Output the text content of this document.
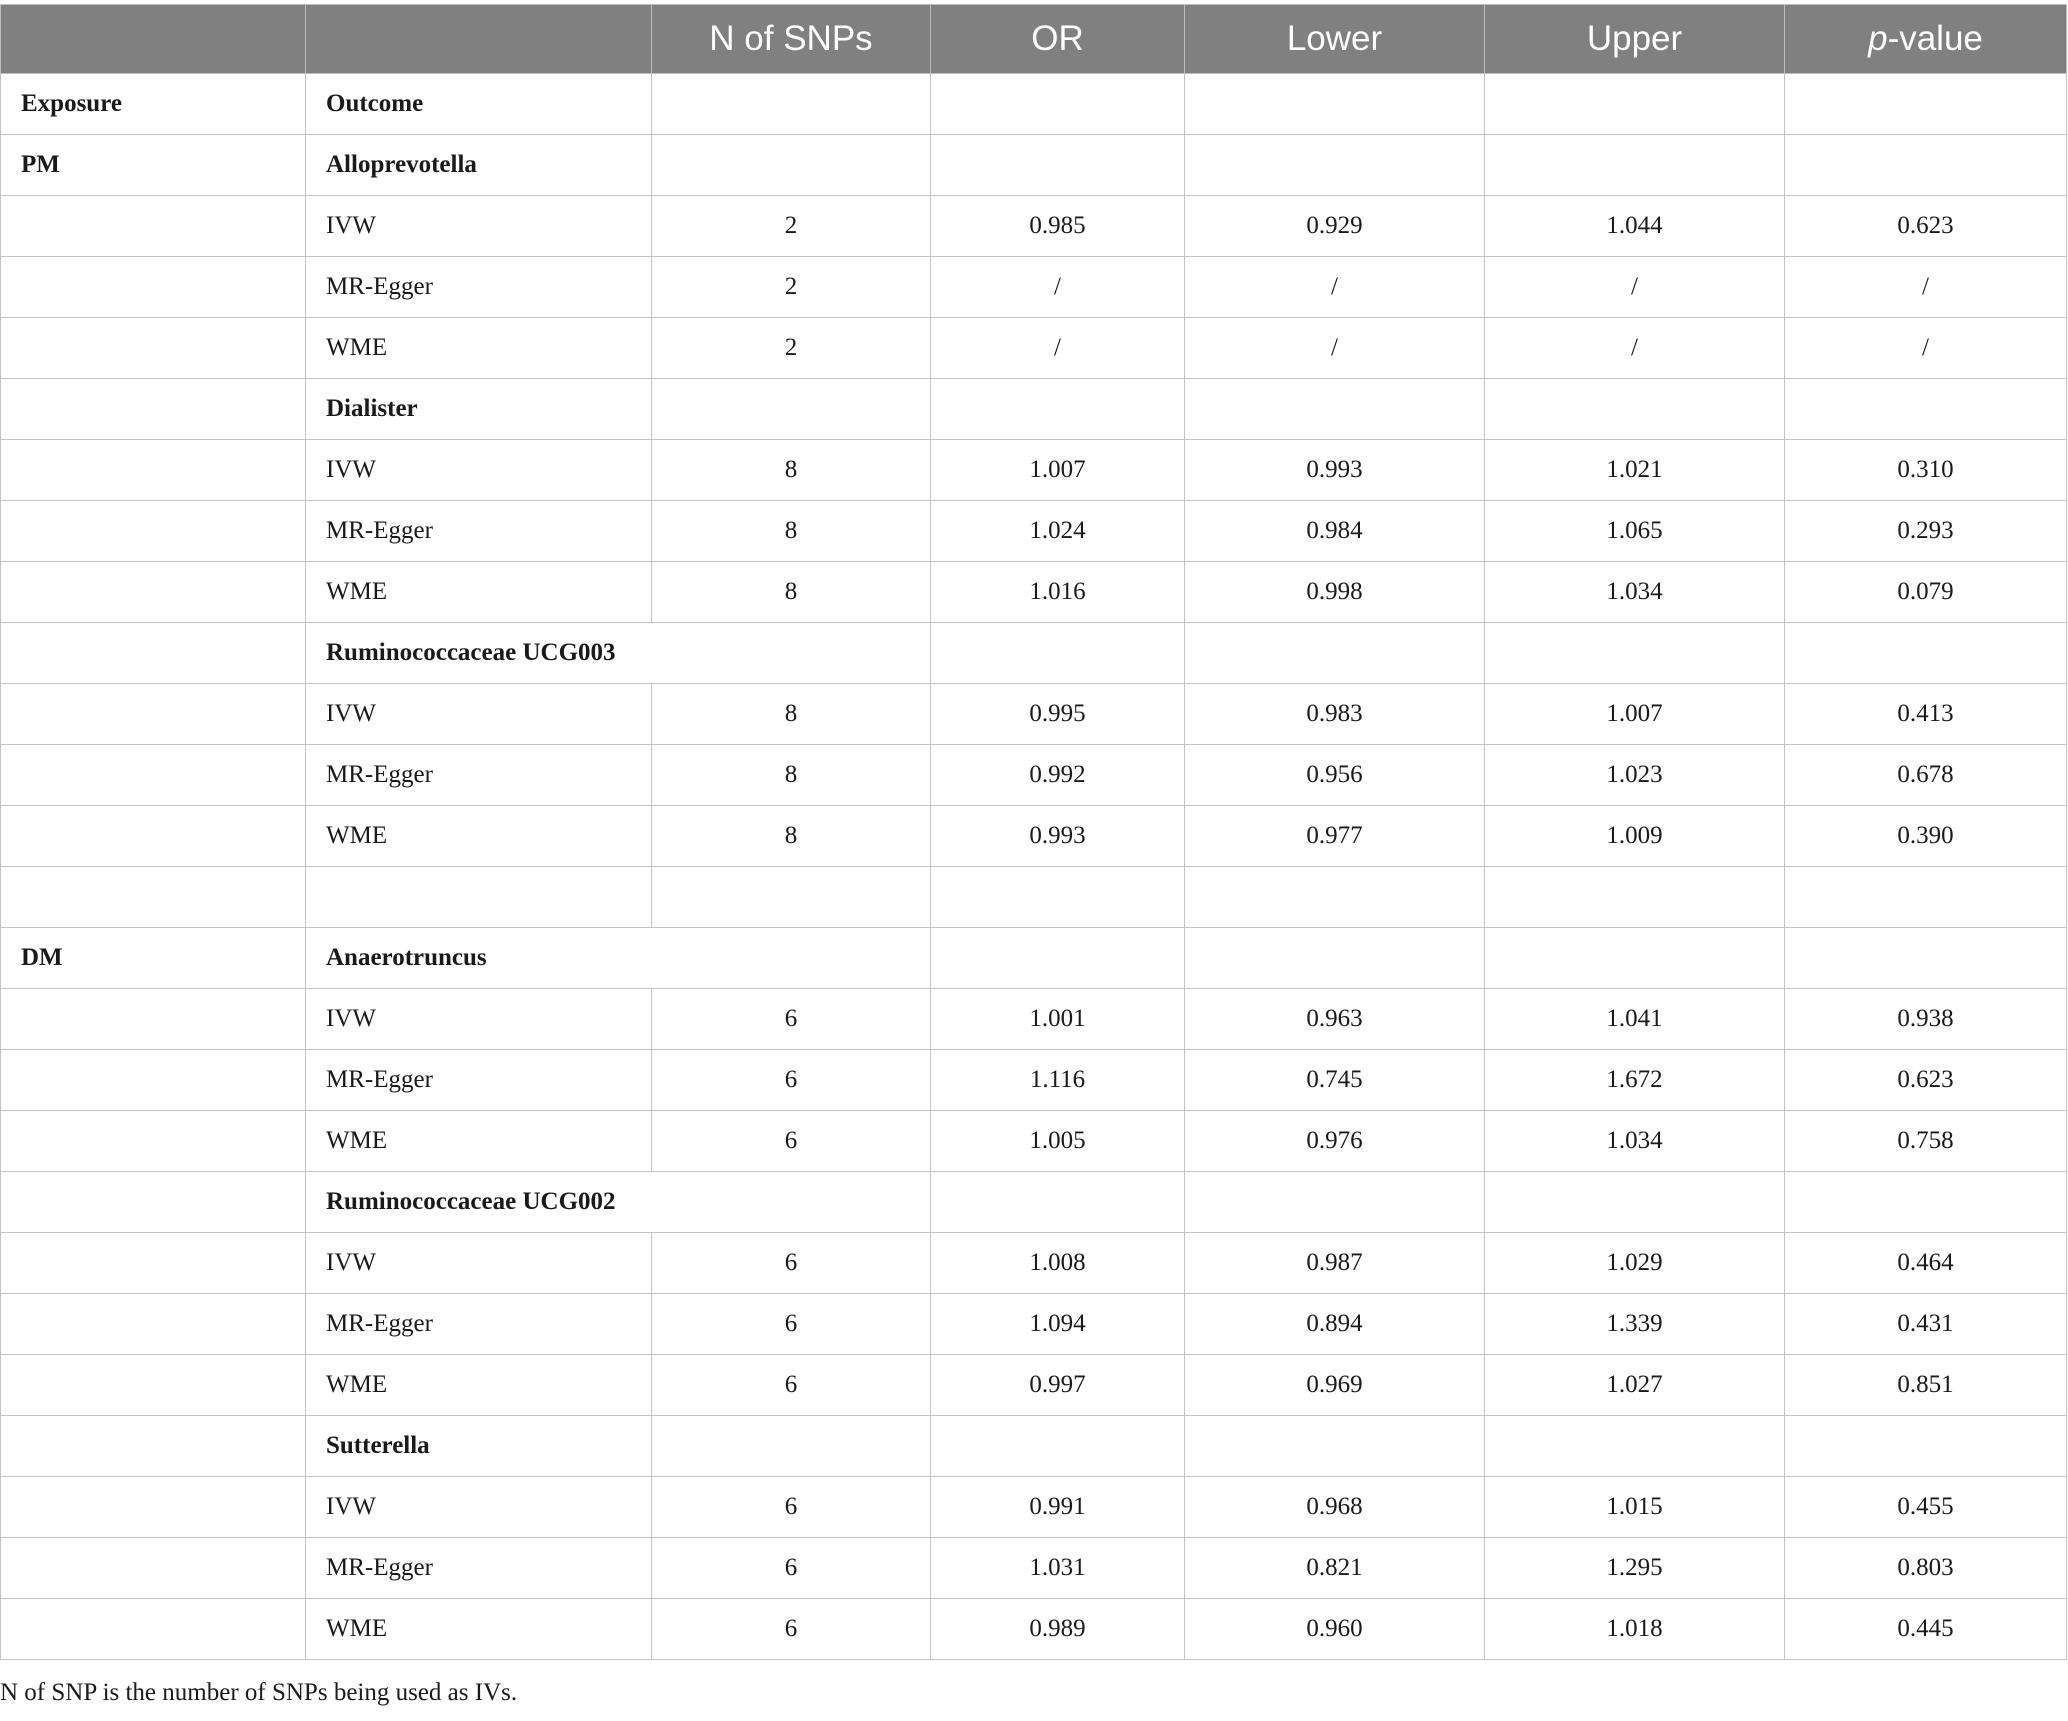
		N of SNPs	OR	Lower	Upper	p-value
Exposure	Outcome					
PM	Alloprevotella					
	IVW	2	0.985	0.929	1.044	0.623
	MR-Egger	2	/	/	/	/
	WME	2	/	/	/	/
	Dialister					
	IVW	8	1.007	0.993	1.021	0.310
	MR-Egger	8	1.024	0.984	1.065	0.293
	WME	8	1.016	0.998	1.034	0.079
	Ruminococcaceae UCG003					
	IVW	8	0.995	0.983	1.007	0.413
	MR-Egger	8	0.992	0.956	1.023	0.678
	WME	8	0.993	0.977	1.009	0.390

DM	Anaerotruncus					
	IVW	6	1.001	0.963	1.041	0.938
	MR-Egger	6	1.116	0.745	1.672	0.623
	WME	6	1.005	0.976	1.034	0.758
	Ruminococcaceae UCG002					
	IVW	6	1.008	0.987	1.029	0.464
	MR-Egger	6	1.094	0.894	1.339	0.431
	WME	6	0.997	0.969	1.027	0.851
	Sutterella					
	IVW	6	0.991	0.968	1.015	0.455
	MR-Egger	6	1.031	0.821	1.295	0.803
	WME	6	0.989	0.960	1.018	0.445
N of SNP is the number of SNPs being used as IVs.
